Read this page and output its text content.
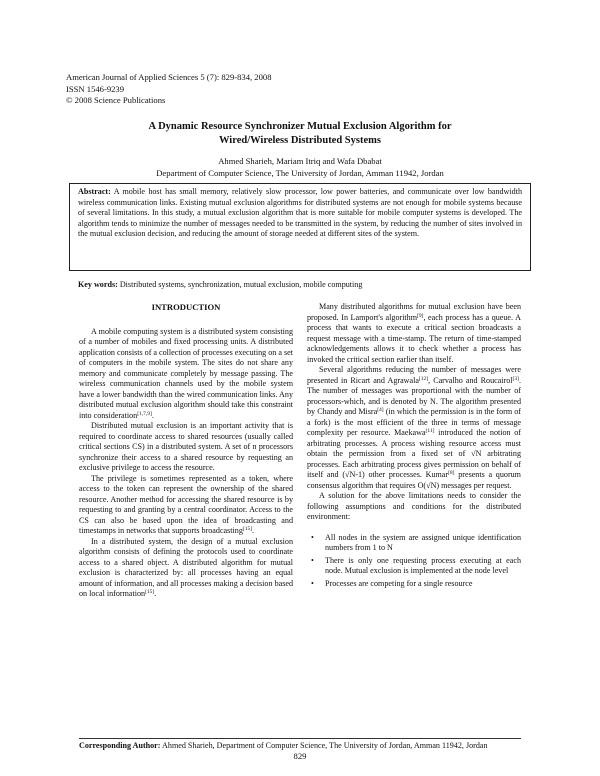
American Journal of Applied Sciences 5 (7): 829-834, 2008
ISSN 1546-9239
© 2008 Science Publications
A Dynamic Resource Synchronizer Mutual Exclusion Algorithm for
Wired/Wireless Distributed Systems
Ahmed Sharieh, Mariam Itriq and Wafa Dbabat
Department of Computer Science, The University of Jordan, Amman 11942, Jordan
Abstract: A mobile host has small memory, relatively slow processor, low power batteries, and communicate over low bandwidth wireless communication links. Existing mutual exclusion algorithms for distributed systems are not enough for mobile systems because of several limitations. In this study, a mutual exclusion algorithm that is more suitable for mobile computer systems is developed. The algorithm tends to minimize the number of messages needed to be transmitted in the system, by reducing the number of sites involved in the mutual exclusion decision, and reducing the amount of storage needed at different sites of the system.
Key words: Distributed systems, synchronization, mutual exclusion, mobile computing
INTRODUCTION

A mobile computing system is a distributed system consisting of a number of mobiles and fixed processing units. A distributed application consists of a collection of processes executing on a set of computers in the mobile system. The sites do not share any memory and communicate completely by message passing. The wireless communication channels used by the mobile system have a lower bandwidth than the wired communication links. Any distributed mutual exclusion algorithm should take this constraint into consideration[1,7,9].

Distributed mutual exclusion is an important activity that is required to coordinate access to shared resources (usually called critical sections CS) in a distributed system. A set of n processors synchronize their access to a shared resource by requesting an exclusive privilege to access the resource.

The privilege is sometimes represented as a token, where access to the token can represent the ownership of the shared resource. Another method for accessing the shared resource is by requesting to and granting by a central coordinator. Access to the CS can also be based upon the idea of broadcasting and timestamps in networks that supports broadcasting[15].

In a distributed system, the design of a mutual exclusion algorithm consists of defining the protocols used to coordinate access to a shared object. A distributed algorithm for mutual exclusion is characterized by: all processes having an equal amount of information, and all processes making a decision based on local information[15].

Many distributed algorithms for mutual exclusion have been proposed. In Lamport's algorithm[9], each process has a queue. A process that wants to execute a critical section broadcasts a request message with a time-stamp. The return of time-stamped acknowledgements allows it to check whether a process has invoked the critical section earlier than itself.

Several algorithms reducing the number of messages were presented in Ricart and Agrawala[12], Carvalho and Roucairol[3]. The number of messages was proportional with the number of processors-which, and is denoted by N. The algorithm presented by Chandy and Misra[4] (in which the permission is in the form of a fork) is the most efficient of the three in terms of message complexity per resource. Maekawa[11] introduced the notion of arbitrating processes. A process wishing resource access must obtain the permission from a fixed set of √N arbitrating processes. Each arbitrating process gives permission on behalf of itself and (√N-1) other processes. Kumar[8] presents a quorum consensus algorithm that requires O(√N) messages per request.

A solution for the above limitations needs to consider the following assumptions and conditions for the distributed environment:

• All nodes in the system are assigned unique identification numbers from 1 to N
• There is only one requesting process executing at each node. Mutual exclusion is implemented at the node level
• Processes are competing for a single resource
Corresponding Author: Ahmed Sharieh, Department of Computer Science, The University of Jordan, Amman 11942, Jordan
829
